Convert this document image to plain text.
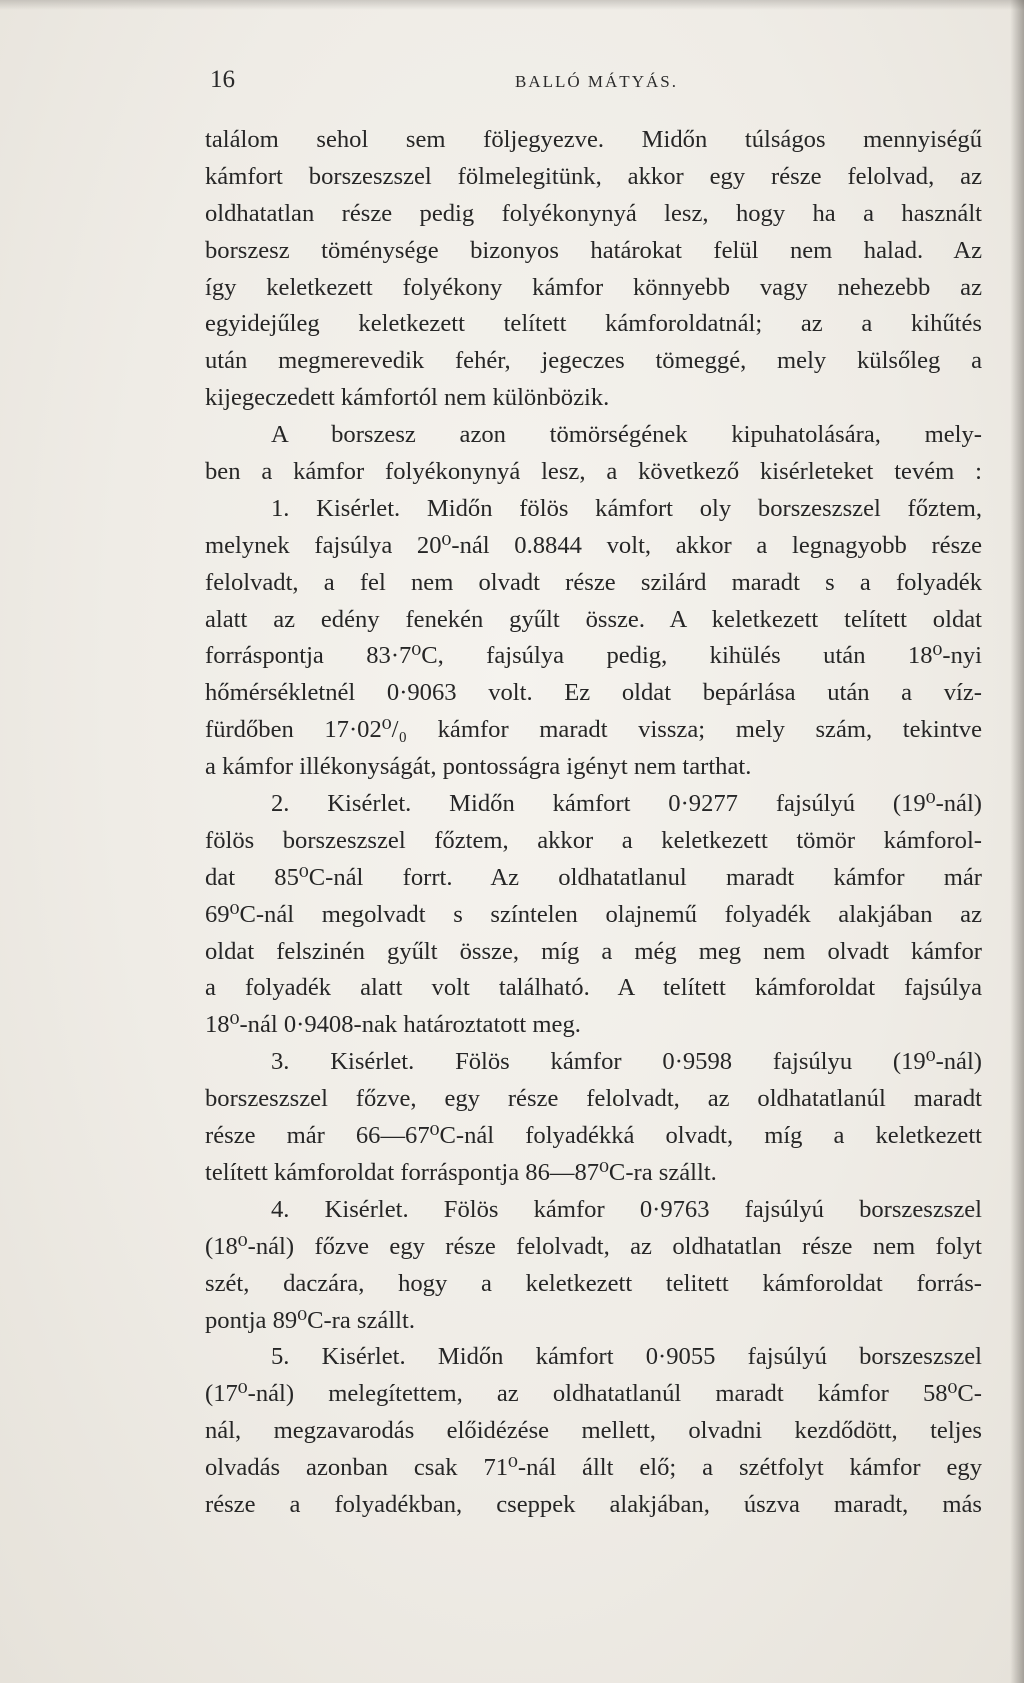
16	BALLÓ MÁTYÁS.
találom sehol sem följegyezve. Midőn túlságos mennyiségű
kámfort borszeszszel fölmelegitünk, akkor egy része felolvad, az
oldhatatlan része pedig folyékonynyá lesz, hogy ha a használt
borszesz töménysége bizonyos határokat felül nem halad. Az
így keletkezett folyékony kámfor könnyebb vagy nehezebb az
egyidejűleg keletkezett telített kámforoldatnál; az a kihűtés
után megmerevedik fehér, jegeczes tömeggé, mely külsőleg a
kijegeczedett kámfortól nem különbözik.
A borszesz azon tömörségének kipuhatolására, mely-
ben a kámfor folyékonynyá lesz, a következő kisérleteket tevém :
1. Kisérlet. Midőn fölös kámfort oly borszeszszel főztem,
melynek fajsúlya 20⁰-nál 0.8844 volt, akkor a legnagyobb része
felolvadt, a fel nem olvadt része szilárd maradt s a folyadék
alatt az edény fenekén gyűlt össze. A keletkezett telített oldat
forráspontja 83·7⁰C, fajsúlya pedig, kihülés után 18⁰-nyi
hőmérsékletnél 0·9063 volt. Ez oldat bepárlása után a víz-
fürdőben 17·02⁰/₀ kámfor maradt vissza; mely szám, tekintve
a kámfor illékonyságát, pontosságra igényt nem tarthat.
2. Kisérlet. Midőn kámfort 0·9277 fajsúlyú (19⁰-nál)
fölös borszeszszel főztem, akkor a keletkezett tömör kámforol-
dat 85⁰C-nál forrt. Az oldhatatlanul maradt kámfor már
69⁰C-nál megolvadt s színtelen olajnemű folyadék alakjában az
oldat felszinén gyűlt össze, míg a még meg nem olvadt kámfor
a folyadék alatt volt található. A telített kámforoldat fajsúlya
18⁰-nál 0·9408-nak határoztatott meg.
3. Kisérlet. Fölös kámfor 0·9598 fajsúlyu (19⁰-nál)
borszeszszel főzve, egy része felolvadt, az oldhatatlanúl maradt
része már 66—67⁰C-nál folyadékká olvadt, míg a keletkezett
telített kámforoldat forráspontja 86—87⁰C-ra szállt.
4. Kisérlet. Fölös kámfor 0·9763 fajsúlyú borszeszszel
(18⁰-nál) főzve egy része felolvadt, az oldhatatlan része nem folyt
szét, daczára, hogy a keletkezett telitett kámforoldat forrás-
pontja 89⁰C-ra szállt.
5. Kisérlet. Midőn kámfort 0·9055 fajsúlyú borszeszszel
(17⁰-nál) melegítettem, az oldhatatlanúl maradt kámfor 58⁰C-
nál, megzavarodás előidézése mellett, olvadni kezdődött, teljes
olvadás azonban csak 71⁰-nál állt elő; a szétfolyt kámfor egy
része a folyadékban, cseppek alakjában, úszva maradt, más
